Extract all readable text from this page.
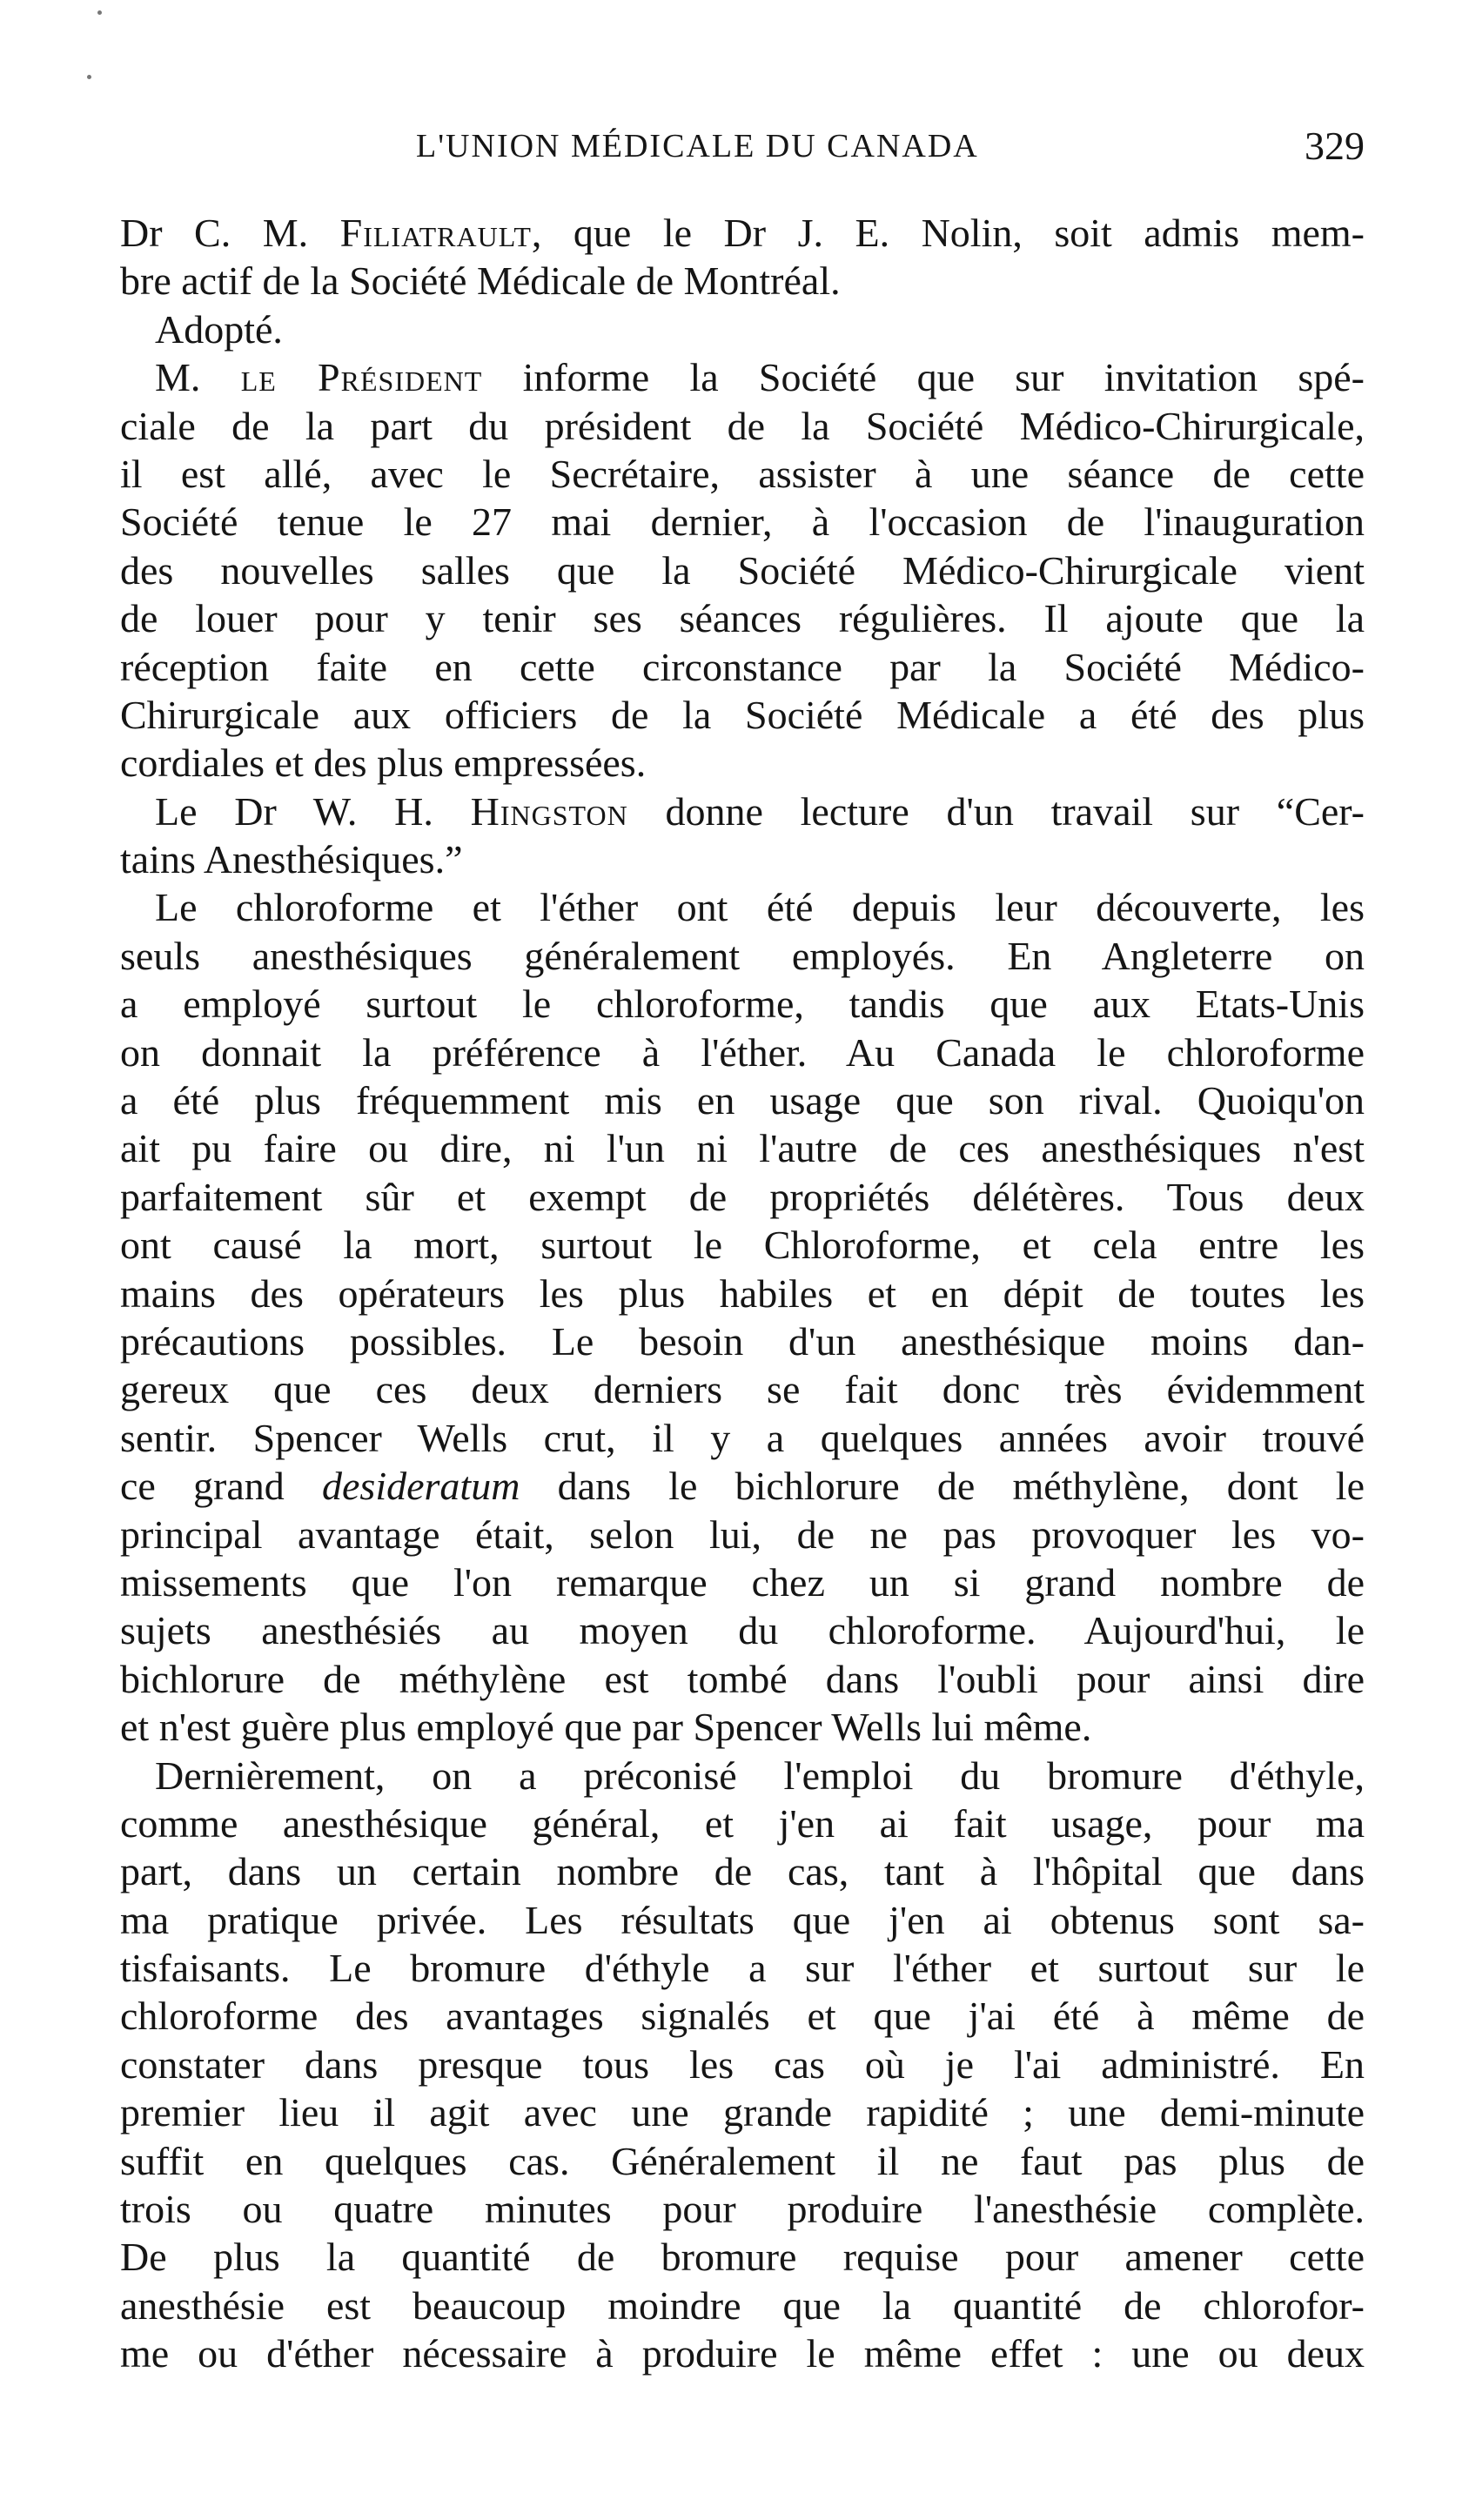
L'UNION MÉDICALE DU CANADA	329
Dr C. M. Filiatrault, que le Dr J. E. Nolin, soit admis mem-
bre actif de la Société Médicale de Montréal.
Adopté.
M. le Président informe la Société que sur invitation spé-
ciale de la part du président de la Société Médico-Chirurgicale,
il est allé, avec le Secrétaire, assister à une séance de cette
Société tenue le 27 mai dernier, à l'occasion de l'inauguration
des nouvelles salles que la Société Médico-Chirurgicale vient
de louer pour y tenir ses séances régulières. Il ajoute que la
réception faite en cette circonstance par la Société Médico-
Chirurgicale aux officiers de la Société Médicale a été des plus
cordiales et des plus empressées.
Le Dr W. H. Hingston donne lecture d'un travail sur “Cer-
tains Anesthésiques.”
Le chloroforme et l'éther ont été depuis leur découverte, les
seuls anesthésiques généralement employés. En Angleterre on
a employé surtout le chloroforme, tandis que aux Etats-Unis
on donnait la préférence à l'éther. Au Canada le chloroforme
a été plus fréquemment mis en usage que son rival. Quoiqu'on
ait pu faire ou dire, ni l'un ni l'autre de ces anesthésiques n'est
parfaitement sûr et exempt de propriétés délétères. Tous deux
ont causé la mort, surtout le Chloroforme, et cela entre les
mains des opérateurs les plus habiles et en dépit de toutes les
précautions possibles. Le besoin d'un anesthésique moins dan-
gereux que ces deux derniers se fait donc très évidemment
sentir. Spencer Wells crut, il y a quelques années avoir trouvé
ce grand desideratum dans le bichlorure de méthylène, dont le
principal avantage était, selon lui, de ne pas provoquer les vo-
missements que l'on remarque chez un si grand nombre de
sujets anesthésiés au moyen du chloroforme. Aujourd'hui, le
bichlorure de méthylène est tombé dans l'oubli pour ainsi dire
et n'est guère plus employé que par Spencer Wells lui même.
Dernièrement, on a préconisé l'emploi du bromure d'éthyle,
comme anesthésique général, et j'en ai fait usage, pour ma
part, dans un certain nombre de cas, tant à l'hôpital que dans
ma pratique privée. Les résultats que j'en ai obtenus sont sa-
tisfaisants. Le bromure d'éthyle a sur l'éther et surtout sur le
chloroforme des avantages signalés et que j'ai été à même de
constater dans presque tous les cas où je l'ai administré. En
premier lieu il agit avec une grande rapidité ; une demi-minute
suffit en quelques cas. Généralement il ne faut pas plus de
trois ou quatre minutes pour produire l'anesthésie complète.
De plus la quantité de bromure requise pour amener cette
anesthésie est beaucoup moindre que la quantité de chlorofor-
me ou d'éther nécessaire à produire le même effet : une ou deux
